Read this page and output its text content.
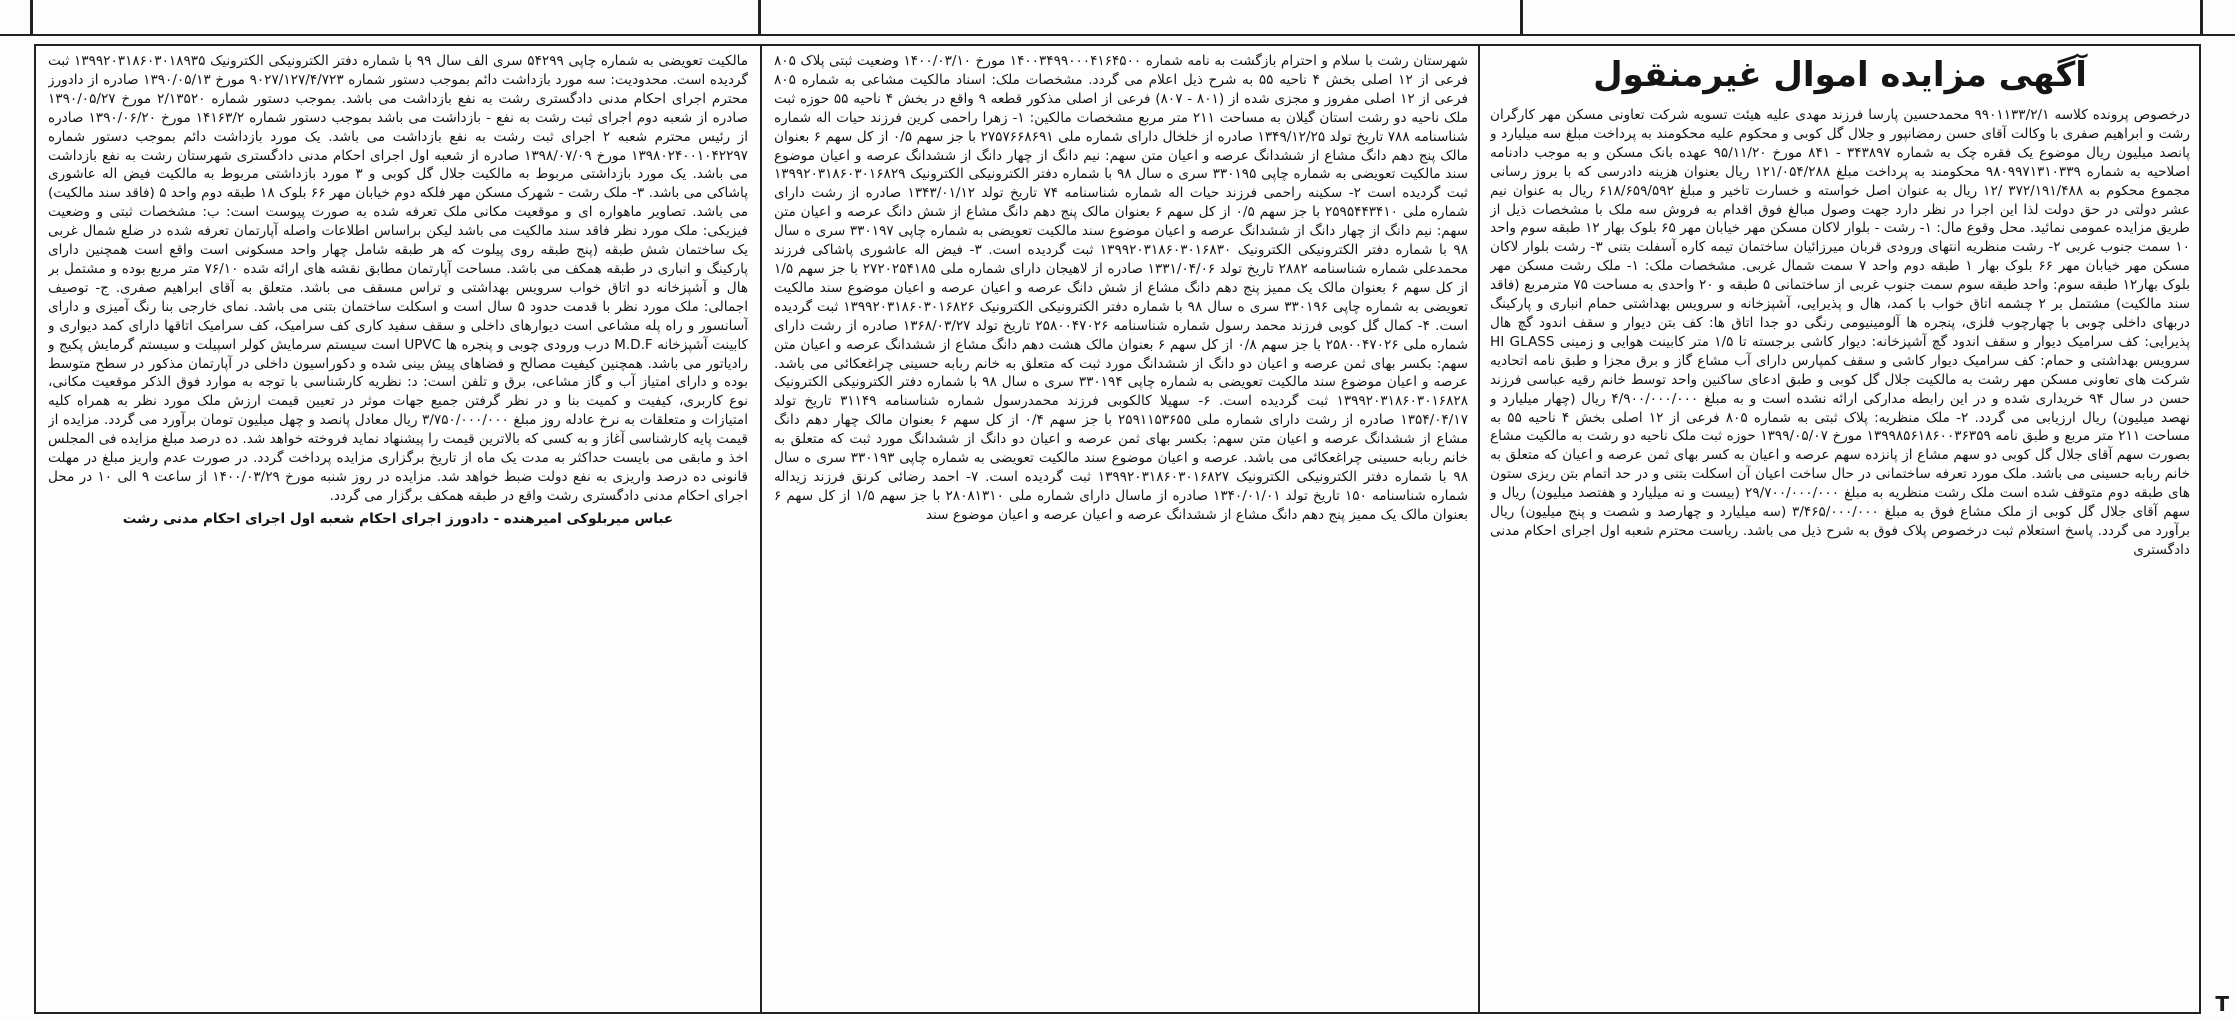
آگهی مزایده اموال غیرمنقول

درخصوص پرونده کلاسه ۹۹۰۱۱۳۳/۲/۱ محمدحسین پارسا فرزند مهدی علیه هیئت تسویه شرکت تعاونی مسکن مهر کارگران رشت و ابراهیم صفری با وکالت آقای حسن رمضانپور و جلال گل کوبی و محکوم علیه محکومند به پرداخت مبلغ سه میلیارد و پانصد میلیون ریال موضوع یک فقره چک به شماره ۳۴۳۸۹۷ - ۸۴۱ مورخ ۹۵/۱۱/۲۰ عهده بانک مسکن و به موجب دادنامه اصلاحیه به شماره ۹۸۰۹۹۷۱۳۱۰۳۳۹ محکومند به پرداخت مبلغ ۱۲۱/۰۵۴/۲۸۸ ریال بعنوان هزینه دادرسی که با بروز رسانی مجموع محکوم به ۳۷۲/۱۹۱/۴۸۸ /۱۲ ریال به عنوان اصل خواسته و خسارت تاخیر و مبلغ ۶۱۸/۶۵۹/۵۹۲ ریال به عنوان نیم عشر دولتی در حق دولت لذا این اجرا در نظر دارد جهت وصول مبالغ فوق اقدام به فروش سه ملک با مشخصات ذیل از طریق مزایده عمومی نمائید. محل وقوع مال: ۱- رشت - بلوار لاکان مسکن مهر خیابان مهر ۶۵ بلوک بهار ۱۲ طبقه سوم واحد ۱۰ سمت جنوب غربی ۲- رشت منظریه انتهای ورودی قربان میرزائیان ساختمان تیمه کاره آسفلت بتنی ۳- رشت بلوار لاکان مسکن مهر خیابان مهر ۶۶ بلوک بهار ۱ طبقه دوم واحد ۷ سمت شمال غربی. مشخصات ملک: ۱- ملک رشت مسکن مهر بلوک بهار۱۲ طبقه سوم: واحد طبقه سوم سمت جنوب غربی از ساختمانی ۵ طبقه و ۲۰ واحدی به مساحت ۷۵ مترمربع (فاقد سند مالکیت) مشتمل بر ۲ چشمه اتاق خواب با کمد، هال و پذیرایی، آشپزخانه و سرویس بهداشتی حمام انباری و پارکینگ دربهای داخلی چوبی با چهارچوب فلزی، پنجره ها آلومینیومی رنگی دو جدا اتاق ها: کف بتن دیوار و سقف اندود گچ هال پذیرایی: کف سرامیک دیوار و سقف اندود گچ آشپزخانه: دیوار کاشی برجسته تا ۱/۵ متر کابینت هوایی و زمینی HI GLASS سرویس بهداشتی و حمام: کف سرامیک دیوار کاشی و سقف کمپارس دارای آب مشاع گاز و برق مجزا و طبق نامه اتحادیه شرکت های تعاونی مسکن مهر رشت به مالکیت جلال گل کوبی و طبق ادعای ساکنین واحد توسط خانم رقیه عباسی فرزند حسن در سال ۹۴ خریداری شده و در این رابطه مدارکی ارائه نشده است و به مبلغ ۴/۹۰۰/۰۰۰/۰۰۰ ریال (چهار میلیارد و نهصد میلیون) ریال ارزیابی می گردد. ۲- ملک منظریه: پلاک ثبتی به شماره ۸۰۵ فرعی از ۱۲ اصلی بخش ۴ ناحیه ۵۵ به مساحت ۲۱۱ متر مربع و طبق نامه ۱۳۹۹۸۵۶۱۸۶۰۰۳۶۳۵۹ مورخ ۱۳۹۹/۰۵/۰۷ حوزه ثبت ملک ناحیه دو رشت به مالکیت مشاع بصورت سهم آقای جلال گل کوبی دو سهم مشاع از پانزده سهم عرصه و اعیان به کسر بهای ثمن عرصه و اعیان که متعلق به خانم ربابه حسینی می باشد. ملک مورد تعرفه ساختمانی در حال ساخت اعیان آن اسکلت بتنی و در حد اتمام بتن ریزی ستون های طبقه دوم متوقف شده است ملک رشت منظریه به مبلغ ۲۹/۷۰۰/۰۰۰/۰۰۰ (بیست و نه میلیارد و هفتصد میلیون) ریال و سهم آقای جلال گل کوبی از ملک مشاع فوق به مبلغ ۳/۴۶۵/۰۰۰/۰۰۰ (سه میلیارد و چهارصد و شصت و پنج میلیون) ریال برآورد می گردد. پاسخ استعلام ثبت درخصوص پلاک فوق به شرح ذیل می باشد. ریاست محترم شعبه اول اجرای احکام مدنی دادگستری

شهرستان رشت با سلام و احترام بازگشت به نامه شماره ۱۴۰۰۳۴۹۹۰۰۰۴۱۶۴۵۰۰ مورخ ۱۴۰۰/۰۳/۱۰ وضعیت ثبتی پلاک ۸۰۵ فرعی از ۱۲ اصلی بخش ۴ ناحیه ۵۵ به شرح ذیل اعلام می گردد. مشخصات ملک: اسناد مالکیت مشاعی به شماره ۸۰۵ فرعی از ۱۲ اصلی مفروز و مجزی شده از (۸۰۱ - ۸۰۷) فرعی از اصلی مذکور قطعه ۹ واقع در بخش ۴ ناحیه ۵۵ حوزه ثبت ملک ناحیه دو رشت استان گیلان به مساحت ۲۱۱ متر مربع مشخصات مالکین: ۱- زهرا راحمی کرین فرزند حیات اله شماره شناسنامه ۷۸۸ تاریخ تولد ۱۳۴۹/۱۲/۲۵ صادره از خلخال دارای شماره ملی ۲۷۵۷۶۶۸۶۹۱ با جز سهم ۰/۵ از کل سهم ۶ بعنوان مالک پنج دهم دانگ مشاع از ششدانگ عرصه و اعیان متن سهم: نیم دانگ از چهار دانگ از ششدانگ عرصه و اعیان موضوع سند مالکیت تعویضی به شماره چاپی ۳۳۰۱۹۵ سری ه سال ۹۸ با شماره دفتر الکترونیکی الکترونیک ۱۳۹۹۲۰۳۱۸۶۰۳۰۱۶۸۲۹ ثبت گردیده است ۲- سکینه راحمی فرزند حیات اله شماره شناسنامه ۷۴ تاریخ تولد ۱۳۴۳/۰۱/۱۲ صادره از رشت دارای شماره ملی ۲۵۹۵۴۴۳۴۱۰ با جز سهم ۰/۵ از کل سهم ۶ بعنوان مالک پنج دهم دانگ مشاع از شش دانگ عرصه و اعیان متن سهم: نیم دانگ از چهار دانگ از ششدانگ عرصه و اعیان موضوع سند مالکیت تعویضی به شماره چاپی ۳۳۰۱۹۷ سری ه سال ۹۸ با شماره دفتر الکترونیکی الکترونیک ۱۳۹۹۲۰۳۱۸۶۰۳۰۱۶۸۳۰ ثبت گردیده است. ۳- فیض اله عاشوری پاشاکی فرزند محمدعلی شماره شناسنامه ۲۸۸۲ تاریخ تولد ۱۳۳۱/۰۴/۰۶ صادره از لاهیجان دارای شماره ملی ۲۷۲۰۲۵۴۱۸۵ با جز سهم ۱/۵ از کل سهم ۶ بعنوان مالک یک ممیز پنج دهم دانگ مشاع از شش دانگ عرصه و اعیان عرصه و اعیان موضوع سند مالکیت تعویضی به شماره چاپی ۳۳۰۱۹۶ سری ه سال ۹۸ با شماره دفتر الکترونیکی الکترونیک ۱۳۹۹۲۰۳۱۸۶۰۳۰۱۶۸۲۶ ثبت گردیده است. ۴- کمال گل کوبی فرزند محمد رسول شماره شناسنامه ۲۵۸۰۰۴۷۰۲۶ تاریخ تولد ۱۳۶۸/۰۳/۲۷ صادره از رشت دارای شماره ملی ۲۵۸۰۰۴۷۰۲۶ با جز سهم ۰/۸ از کل سهم ۶ بعنوان مالک هشت دهم دانگ مشاع از ششدانگ عرصه و اعیان متن سهم: بکسر بهای ثمن عرصه و اعیان دو دانگ از ششدانگ مورد ثبت که متعلق به خانم ربابه حسینی چراغعکائی می باشد. عرصه و اعیان موضوع سند مالکیت تعویضی به شماره چاپی ۳۳۰۱۹۴ سری ه سال ۹۸ با شماره دفتر الکترونیکی الکترونیک ۱۳۹۹۲۰۳۱۸۶۰۳۰۱۶۸۲۸ ثبت گردیده است. ۶- سهیلا کالکوبی فرزند محمدرسول شماره شناسنامه ۳۱۱۴۹ تاریخ تولد ۱۳۵۴/۰۴/۱۷ صادره از رشت دارای شماره ملی ۲۵۹۱۱۵۳۶۵۵ با جز سهم ۰/۴ از کل سهم ۶ بعنوان مالک چهار دهم دانگ مشاع از ششدانگ عرصه و اعیان متن سهم: بکسر بهای ثمن عرصه و اعیان دو دانگ از ششدانگ مورد ثبت که متعلق به خانم ربابه حسینی چراغعکائی می باشد. عرصه و اعیان موضوع سند مالکیت تعویضی به شماره چاپی ۳۳۰۱۹۳ سری ه سال ۹۸ با شماره دفتر الکترونیکی الکترونیک ۱۳۹۹۲۰۳۱۸۶۰۳۰۱۶۸۲۷ ثبت گردیده است. ۷- احمد رضائی کرنق فرزند زیداله شماره شناسنامه ۱۵۰ تاریخ تولد ۱۳۴۰/۰۱/۰۱ صادره از ماسال دارای شماره ملی ۲۸۰۸۱۳۱۰ با جز سهم ۱/۵ از کل سهم ۶ بعنوان مالک یک ممیز پنج دهم دانگ مشاع از ششدانگ عرصه و اعیان عرصه و اعیان موضوع سند

مالکیت تعویضی به شماره چاپی ۵۴۲۹۹ سری الف سال ۹۹ با شماره دفتر الکترونیکی الکترونیک ۱۳۹۹۲۰۳۱۸۶۰۳۰۱۸۹۳۵ ثبت گردیده است. محدودیت: سه مورد بازداشت دائم بموجب دستور شماره ۹۰۲۷/۱۲۷/۴/۷۲۳ مورخ ۱۳۹۰/۰۵/۱۳ صادره از دادورز محترم اجرای احکام مدنی دادگستری رشت به نفع بازداشت می باشد. بموجب دستور شماره ۲/۱۳۵۲۰ مورخ ۱۳۹۰/۰۵/۲۷ صادره از شعبه دوم اجرای ثبت رشت به نفع - بازداشت می باشد بموجب دستور شماره ۱۴۱۶۳/۲ مورخ ۱۳۹۰/۰۶/۲۰ صادره از رئیس محترم شعبه ۲ اجرای ثبت رشت به نفع بازداشت می باشد. یک مورد بازداشت دائم بموجب دستور شماره ۱۳۹۸۰۲۴۰۰۱۰۴۲۲۹۷ مورخ ۱۳۹۸/۰۷/۰۹ صادره از شعبه اول اجرای احکام مدنی دادگستری شهرستان رشت به نفع بازداشت می باشد. یک مورد بازداشتی مربوط به مالکیت جلال گل کوبی و ۳ مورد بازداشتی مربوط به مالکیت فیض اله عاشوری پاشاکی می باشد. ۳- ملک رشت - شهرک مسکن مهر فلکه دوم خیابان مهر ۶۶ بلوک ۱۸ طبقه دوم واحد ۵ (فاقد سند مالکیت) می باشد. تصاویر ماهواره ای و موقعیت مکانی ملک تعرفه شده به صورت پیوست است: ب: مشخصات ثبتی و وضعیت فیزیکی: ملک مورد نظر فاقد سند مالکیت می باشد لیکن براساس اطلاعات واصله آپارتمان تعرفه شده در ضلع شمال غربی یک ساختمان شش طبقه (پنج طبقه روی پیلوت که هر طبقه شامل چهار واحد مسکونی است واقع است همچنین دارای پارکینگ و انباری در طبقه همکف می باشد. مساحت آپارتمان مطابق نقشه های ارائه شده ۷۶/۱۰ متر مربع بوده و مشتمل بر هال و آشپزخانه دو اتاق خواب سرویس بهداشتی و تراس مسقف می باشد. متعلق به آقای ابراهیم صفری. ج- توصیف اجمالی: ملک مورد نظر با قدمت حدود ۵ سال است و اسکلت ساختمان بتنی می باشد. نمای خارجی بنا رنگ آمیزی و دارای آسانسور و راه پله مشاعی است دیوارهای داخلی و سقف سفید کاری کف سرامیک، کف سرامیک اتاقها دارای کمد دیواری و کابینت آشپزخانه M.D.F درب ورودی چوبی و پنجره ها UPVC است سیستم سرمایش کولر اسپیلت و سیستم گرمایش پکیج و رادیاتور می باشد. همچنین کیفیت مصالح و فضاهای پیش بینی شده و دکوراسیون داخلی در آپارتمان مذکور در سطح متوسط بوده و دارای امتیاز آب و گاز مشاعی، برق و تلفن است: د: نظریه کارشناسی با توجه به موارد فوق الذکر موقعیت مکانی، نوع کاربری، کیفیت و کمیت بنا و در نظر گرفتن جمیع جهات موثر در تعیین قیمت ارزش ملک مورد نظر به همراه کلیه امتیازات و متعلقات به نرخ عادله روز مبلغ ۳/۷۵۰/۰۰۰/۰۰۰ ریال معادل پانصد و چهل میلیون تومان برآورد می گردد. مزایده از قیمت پایه کارشناسی آغاز و به کسی که بالاترین قیمت را پیشنهاد نماید فروخته خواهد شد. ده درصد مبلغ مزایده فی المجلس اخذ و مابقی می بایست حداکثر به مدت یک ماه از تاریخ برگزاری مزایده پرداخت گردد. در صورت عدم واریز مبلغ در مهلت قانونی ده درصد واریزی به نفع دولت ضبط خواهد شد. مزایده در روز شنبه مورخ ۱۴۰۰/۰۳/۲۹ از ساعت ۹ الی ۱۰ در محل اجرای احکام مدنی دادگستری رشت واقع در طبقه همکف برگزار می گردد.

عباس میربلوکی امیرهنده - دادورز اجرای احکام شعبه اول اجرای احکام مدنی رشت
T
